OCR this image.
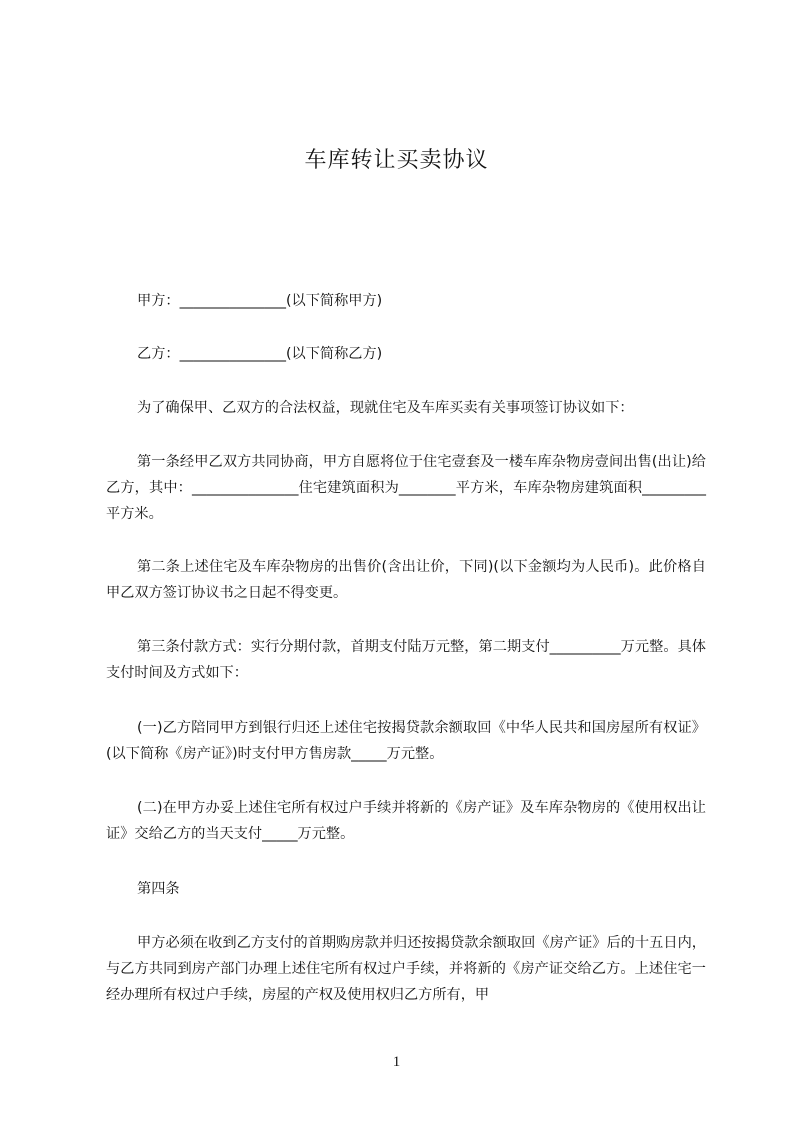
车库转让买卖协议
甲方：_______________(以下简称甲方)
乙方：_______________(以下简称乙方)
为了确保甲、乙双方的合法权益，现就住宅及车库买卖有关事项签订协议如下：
第一条经甲乙双方共同协商，甲方自愿将位于住宅壹套及一楼车库杂物房壹间出售(出让)给乙方，其中：_______________住宅建筑面积为________平方米，车库杂物房建筑面积_________平方米。
第二条上述住宅及车库杂物房的出售价(含出让价，下同)(以下金额均为人民币)。此价格自甲乙双方签订协议书之日起不得变更。
第三条付款方式：实行分期付款，首期支付陆万元整，第二期支付__________万元整。具体支付时间及方式如下：
(一)乙方陪同甲方到银行归还上述住宅按揭贷款余额取回《中华人民共和国房屋所有权证》(以下简称《房产证》)时支付甲方售房款_____万元整。
(二)在甲方办妥上述住宅所有权过户手续并将新的《房产证》及车库杂物房的《使用权出让证》交给乙方的当天支付_____万元整。
第四条
甲方必须在收到乙方支付的首期购房款并归还按揭贷款余额取回《房产证》后的十五日内，与乙方共同到房产部门办理上述住宅所有权过户手续，并将新的《房产证交给乙方。上述住宅一经办理所有权过户手续，房屋的产权及使用权归乙方所有，甲
1
